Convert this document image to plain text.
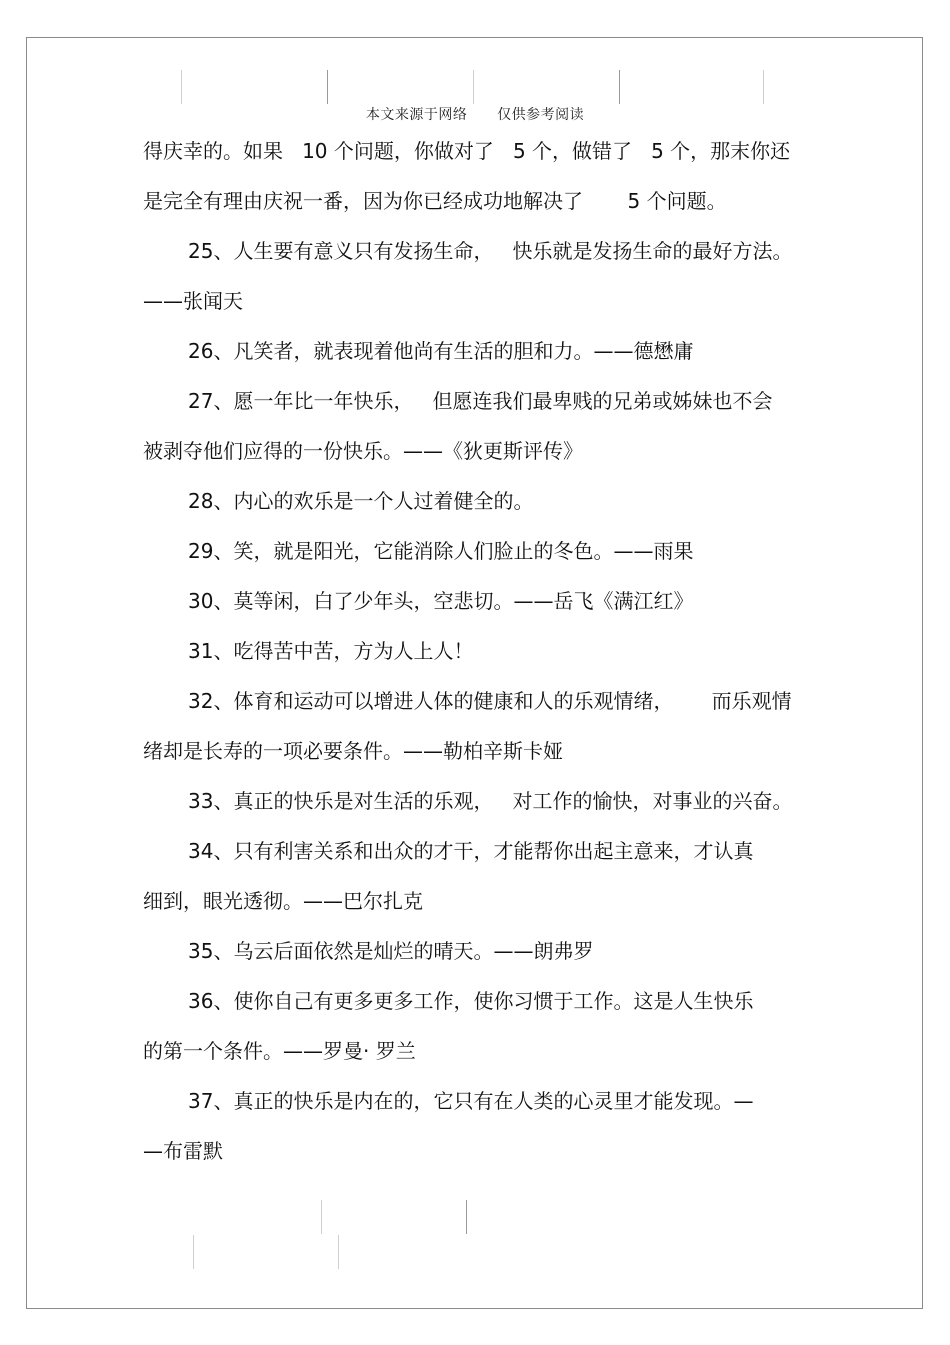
本文来源于网络      仅供参考阅读
得庆幸的。如果   10 个问题，你做对了   5 个，做错了   5 个，那末你还
是完全有理由庆祝一番，因为你已经成功地解决了       5 个问题。
25、人生要有意义只有发扬生命，   快乐就是发扬生命的最好方法。
——张闻天
26、凡笑者，就表现着他尚有生活的胆和力。——德懋庸
27、愿一年比一年快乐，   但愿连我们最卑贱的兄弟或姊妹也不会
被剥夺他们应得的一份快乐。——《狄更斯评传》
28、内心的欢乐是一个人过着健全的。
29、笑，就是阳光，它能消除人们脸止的冬色。——雨果
30、莫等闲，白了少年头，空悲切。——岳飞《满江红》
31、吃得苦中苦，方为人上人！
32、体育和运动可以增进人体的健康和人的乐观情绪，      而乐观情
绪却是长寿的一项必要条件。——勒柏辛斯卡娅
33、真正的快乐是对生活的乐观，   对工作的愉快，对事业的兴奋。
34、只有利害关系和出众的才干，才能帮你出起主意来，才认真
细到，眼光透彻。——巴尔扎克
35、乌云后面依然是灿烂的晴天。——朗弗罗
36、使你自己有更多更多工作，使你习惯于工作。这是人生快乐
的第一个条件。——罗曼· 罗兰
37、真正的快乐是内在的，它只有在人类的心灵里才能发现。—
—布雷默
